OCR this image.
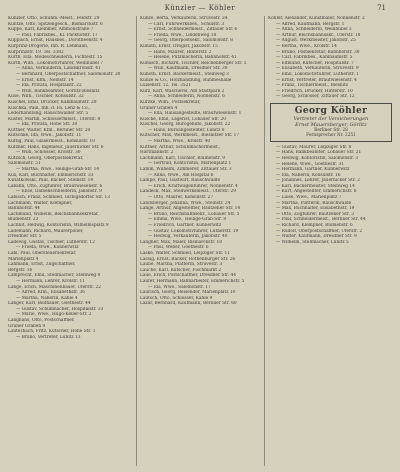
Künzler — Köhler	71
Künzler, Otto, Schuhm.-Meist., Feldstr. 29
Küntze, Otto, Spitzengesch., Bismarckstr. 6
Kuppe, Karl, Klemmer, Ammonstraße 7
— Paul, Fabrikbes., Kl. Packhofstr. 17
Kuppisch, Ernst, Hausbes., Dorotheenstr. 4
Kurprinz-Drogerie, Inh. R. Lehmann,
Kurprinzstr. 19. Tel. 3382
Kurth, Ella, Modeschneiderin, Fichtestr. 15
Kurth, Wilh., Lokomotivführer, Weinhübel 7
— Anna, Verkäuferin, Landskronstr. 41
— Bernhard, Oberpostschaffner, Salomonstr. 20
— Ernst, Kfm., Neißstr. 14
— Ida, Privata, Hospitalstr. 22
— Willi, Bankbeamter, Görlitz-Biesnitz
Kuse, Wilh., Tischler, Konsulstr. 32
Kuschel, Emil, Drucker, Kahlbaumstr. 29
Kuschka, Paul, Inh. d. Fa. Lenz & Co.,
Lederhandlung, Rauschwalder Str. 5
Küster, Martin, Schlossermeist., Uferstr. 8
— Ida, Privata, Hohe Str. 30
Küttner, Walter, Kfm., Berliner Str. 20
Kutschke, Ida, Wwe., Jakobstr. 11
Kuttig, Paul, Glasermeist., Konsulstr. 10
Kutzner, Hans, Ingenieur, Jauernicker Str. 6
— Willi, Schlosser, Krölstr. 30
Kutzsch, Georg, Oberpostsekretär,
Salomonstr. 51
— Martha, Wwe., Heilige-Grab-Str. 14
Kux, Karl, Buchhalter, Emmerichstr. 33
Kwiatkowski, Paul, Bäcker, Steinstr. 14
Labahn, Otto, Zugführer, Brautwiesenstr. 6
— Elise, Damenschneiderin, Jakobstr. 9
Labisch, Franz, Schmied, Girbigsdorfer Str. 13
Lachmann, Walter, Klempner,
Bahnhofstr. 44
Lachmund, Wilhelm, Reichsbahnsekretär,
Blumenstr. 23
Lachnit, Hedwig, Kontoristin, Wilhelmsplatz 9
Lademann, Richard, Maurerpolier,
Dresdner Str. 5
Ladewig, Gustav, Tischler, Lutherstr. 12
— Frieda, Wwe., Kunnerwitz
Lahl, Paul, Obersteuersekretär,
Marienplatz 4
Lahmann, Ernst, Zugschaffner,
Bergstr. 16
Lamprecht, Emil, Stellmacher, Steinweg 8
— Hermann, Lehrer, Krölstr. 11
Lange, Erich, Maschinenbauer, Uferstr. 22
— Alfred, Kfm., Elisabethstr. 36
— Martha, Näherin, Kahle 4
Langer, Karl, Bildhauer, Goethestr. 44
— Gustav, Schuhmacher, Hospitalstr. 33
— Marie, Wwe., Hugo-Keller-Str. 2
Langhans, Otto, Postschaffner,
Grüner Graben 9
Lauterbach, Fritz, Kutscher, Hohe Str. 1
— Bruno, Vertreter, Lunitz 13
Kunze, Berta, Verkäuferin, Struvestr. 24
— Carl, Fuhrwerksbes., Schulstr. 3
— Ernst, Schneidermeist., Zittauer Str. 6
— Frieda, Wwe., Lindenweg 18
— Georg, Oberpostsekr., Salomonstr. 8
Kunath, Ernst, Drogist, Jakobstr. 15
— Hans, Maurer, Hinterstr. 2
— Helene, Putzmacherin, Bahnhofstr. 41
Kubasch, Richard, Tischler, Reichenberger Str. 5
— Willi, Kaufmann, Dresdner Str. 30
Kunoth, Ernst, Bäckermeist., Steinweg 3
Kunze & Co., Holzhandlung, Ruhmeshalle
Luisenstr. 12. Tel. 3521
Kurz, Karl, Wäscherei, Am Stadtpark 2
— Anna, Schneiderin, Nonnenstr. 6
Kurzke, Wilh., Postsekretär,
Grüner Graben 4
— Ella, Hausangestellte, Brautwiesenstr. 1
Kusche, Emil, Lagerist, Löbauer Str. 20
Kuschel, Georg, Bürogehilfe, Jakobstr. 22
— Hans, Büroangestellter, Lunitz 8
Kutscher, Max, Werkmeist., Biesnitzer Str. 17
— Martha, Wwe., Krölstr. 40
Kuttner, Arthur, Schuhmachermeist.,
Hartmannstr. 2
Lachmann, Karl, Tischler, Blumenstr. 9
— Gertrud, Kontoristin, Marienplatz 1
Lamm, Wilhelm, Zimmerer, Zittauer Str. 3
— Anna, Wwe., Am Hospital 6
Lampe, Paul, Gastwirt, Rauschwalde
— Erich, Kraftwagenführer, Nonnenstr. 4
Landeck, Max, Stellwerksmeist., Uferstr. 29
— Otto, Maurer, Konsulstr. 27
Landsberger, Johanna, Wwe., Steinstr. 24
Lange, Arthur, Angestellter, Bautzener Str. 14
— Bruno, Reichsbahnsekr., Löbauer Str. 5
— Emma, Wwe., Heilige-Grab-Str. 8
— Friedrich, Gärtner, Kunnerwitz
— Gustav, Lokomotivführer, Lutherstr. 19
— Hedwig, Verkäuferin, Jakobstr. 40
Langner, Max, Maler, Bismarckstr. 18
— Paul, Weber, Goethestr. 6
Laske, Walter, Schmied, Leipziger Str. 11
Lassig, Ernst, Bäcker, Rothenburger Str. 26
Laube, Martha, Plätterin, Struvestr. 3
Lauche, Karl, Kutscher, Fischmarkt 2
Laue, Erich, Postschaffner, Dresdner Str. 44
Laufer, Hermann, Bahnarbeiter, Emmerichstr. 5
— Ida, Wwe., Salomonstr. 17
Laurisch, Georg, Reisender, Marienplatz 10
Lautsch, Otto, Schlosser, Kahle 9
Lazar, Bernhard, Kaufmann, Berliner Str. 60
Köhler, Alexander, Kunstmaler, Nonnenstr. 2
— Alfred, Kaufmann, Bergstr. 1
— Anna, Schneiderin, Weinhübel 3
— Arthur, Reichsbahnsekr., Uferstr. 18
— August, Werkmeister, Jakobstr. 25
— Bertha, Wwe., Krölstr. 14
— Bruno, Postsekretär, Bahnhofstr. 30
— Carl, Fabrikbes., Kahlbaumstr. 5
— Edmund, Kutscher, Hospitalstr. 7
— Elisabeth, Verkäuferin, Struvestr. 9
— Emil, Lokomotivführer, Lutherstr. 1
— Ernst, Vertreter, Brautwiesenstr. 4
— Franz, Tischlermeist., Biesnitz
— Friedrich, Drucker, Hinterstr. 10
— Georg, Schlosser, Zittauer Str. 12
Georg Köhler
Vertreter der Versicherungen
Ernst Mauersberger, Görlitz
Berliner Str. 28
Fernsprecher Nr. 2251
— Gustav, Maurer, Leipziger Str. 8
— Hans, Bankbeamter, Löbauer Str. 21
— Hedwig, Kontoristin, Salomonstr. 3
— Helene, Wwe., Goethestr. 31
— Hermann, Gärtner, Kunnerwitz
— Ida, Näherin, Konsulstr. 16
— Johannes, Lehrer, Jauernicker Str. 2
— Karl, Bäckermeister, Steinweg 14
— Kurt, Angestellter, Emmerichstr. 8
— Luise, Wwe., Marienplatz 7
— Martha, Plätterin, Rauschwalde
— Max, Buchhalter, Elisabethstr. 19
— Otto, Zugführer, Bautzener Str. 3
— Paul, Schneidermeist., Berliner Str. 44
— Richard, Klempner, Blumenstr. 6
— Rudolf, Oberpostschaffner, Uferstr. 2
— Walter, Kaufmann, Dresdner Str. 9
— Wilhelm, Stellmacher, Lunitz 5
